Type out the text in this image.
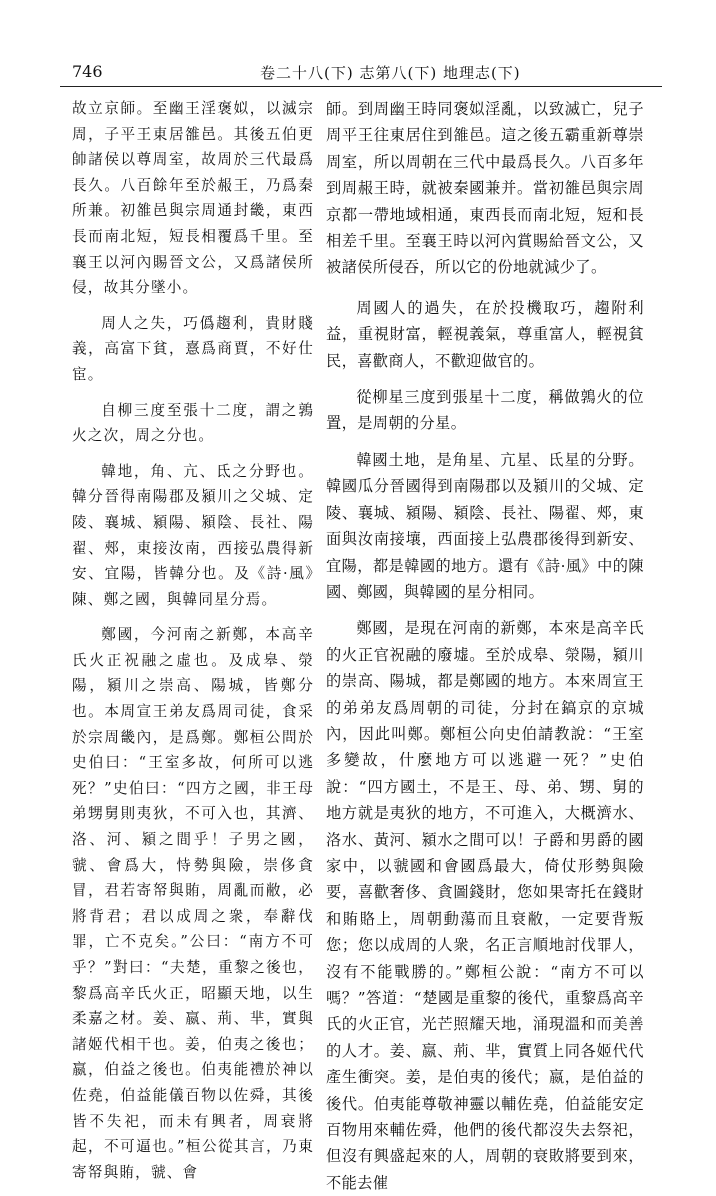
746	卷二十八(下) 志第八(下) 地理志(下)

故立京師。至幽王淫褒姒，以滅宗周，子平王東居雒邑。其後五伯更帥諸侯以尊周室，故周於三代最爲長久。八百餘年至於赧王，乃爲秦所兼。初雒邑與宗周通封畿，東西長而南北短，短長相覆爲千里。至襄王以河內賜晉文公，又爲諸侯所侵，故其分墜小。

周人之失，巧僞趨利，貴財賤義，高富下貧，憙爲商賈，不好仕宦。

自柳三度至張十二度，謂之鶉火之次，周之分也。

韓地，角、亢、氐之分野也。韓分晉得南陽郡及潁川之父城、定陵、襄城、潁陽、潁陰、長社、陽翟、郟，東接汝南，西接弘農得新安、宜陽，皆韓分也。及《詩·風》陳、鄭之國，與韓同星分焉。

鄭國，今河南之新鄭，本高辛氏火正祝融之虛也。及成皋、滎陽，潁川之崇高、陽城，皆鄭分也。本周宣王弟友爲周司徒，食采於宗周畿內，是爲鄭。鄭桓公問於史伯曰：“王室多故，何所可以逃死？”史伯曰：“四方之國，非王母弟甥舅則夷狄，不可入也，其濟、洛、河、潁之間乎！子男之國，虢、會爲大，恃勢與險，崇侈貪冒，君若寄帑與賄，周亂而敝，必將背君；君以成周之衆，奉辭伐罪，亡不克矣。”公曰：“南方不可乎？”對曰：“夫楚，重黎之後也，黎爲高辛氏火正，昭顯天地，以生柔嘉之材。姜、嬴、荊、芈，實與諸姬代相干也。姜，伯夷之後也；嬴，伯益之後也。伯夷能禮於神以佐堯，伯益能儀百物以佐舜，其後皆不失祀，而未有興者，周衰將起，不可逼也。”桓公從其言，乃東寄帑與賄，虢、會

師。到周幽王時同褒姒淫亂，以致滅亡，兒子周平王往東居住到雒邑。這之後五霸重新尊崇周室，所以周朝在三代中最爲長久。八百多年到周赧王時，就被秦國兼并。當初雒邑與宗周京都一帶地域相通，東西長而南北短，短和長相差千里。至襄王時以河內賞賜給晉文公，又被諸侯所侵吞，所以它的份地就減少了。

周國人的過失，在於投機取巧，趨附利益，重視財富，輕視義氣，尊重富人，輕視貧民，喜歡商人，不歡迎做官的。

從柳星三度到張星十二度，稱做鶉火的位置，是周朝的分星。

韓國土地，是角星、亢星、氐星的分野。韓國瓜分晉國得到南陽郡以及潁川的父城、定陵、襄城、潁陽、潁陰、長社、陽翟、郟，東面與汝南接壤，西面接上弘農郡後得到新安、宜陽，都是韓國的地方。還有《詩·風》中的陳國、鄭國，與韓國的星分相同。

鄭國，是現在河南的新鄭，本來是高辛氏的火正官祝融的廢墟。至於成皋、滎陽，潁川的崇高、陽城，都是鄭國的地方。本來周宣王的弟弟友爲周朝的司徒，分封在鎬京的京城內，因此叫鄭。鄭桓公向史伯請教說：“王室多變故，什麼地方可以逃避一死？”史伯說：“四方國土，不是王、母、弟、甥、舅的地方就是夷狄的地方，不可進入，大概濟水、洛水、黃河、潁水之間可以！子爵和男爵的國家中，以虢國和會國爲最大，倚仗形勢與險要，喜歡奢侈、貪圖錢財，您如果寄托在錢財和賄賂上，周朝動蕩而且衰敝，一定要背叛您；您以成周的人衆，名正言順地討伐罪人，沒有不能戰勝的。”鄭桓公說：“南方不可以嗎？”答道：“楚國是重黎的後代，重黎爲高辛氏的火正官，光芒照耀天地，涌現溫和而美善的人才。姜、嬴、荊、芈，實質上同各姬代代產生衝突。姜，是伯夷的後代；嬴，是伯益的後代。伯夷能尊敬神靈以輔佐堯，伯益能安定百物用來輔佐舜，他們的後代都沒失去祭祀，但沒有興盛起來的人，周朝的衰敗將要到來，不能去催
